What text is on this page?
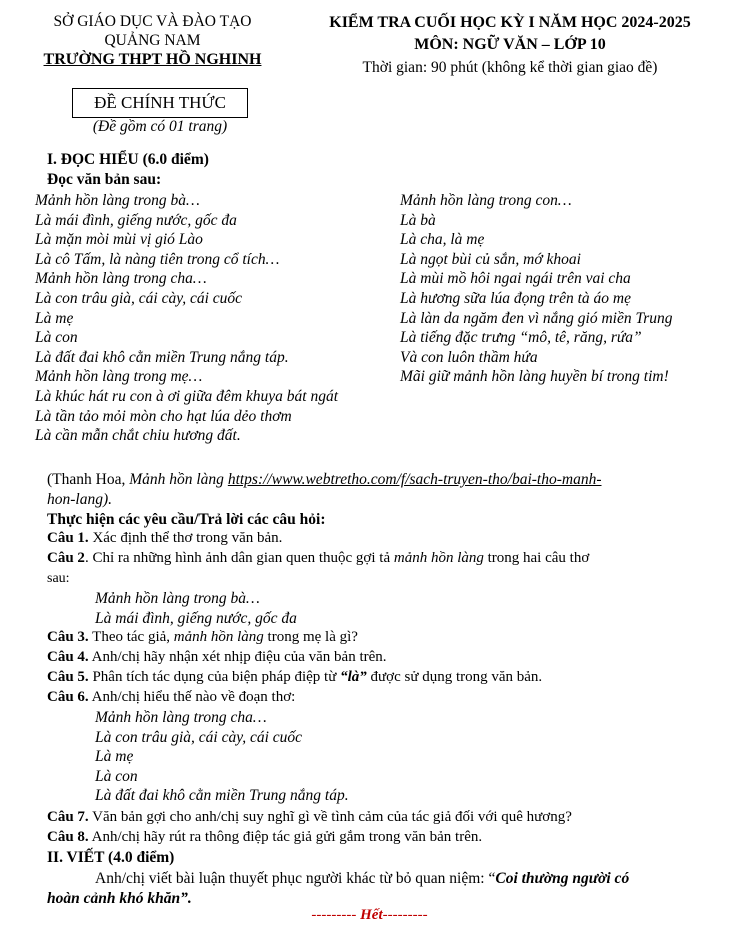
SỞ GIÁO DỤC VÀ ĐÀO TẠO
QUẢNG NAM
TRƯỜNG THPT HỒ NGHINH
KIỂM TRA CUỐI HỌC KỲ I NĂM HỌC 2024-2025
MÔN: NGỮ VĂN – LỚP 10
Thời gian: 90 phút (không kể thời gian giao đề)
ĐỀ CHÍNH THỨC
(Đề gồm có 01 trang)
I. ĐỌC HIỂU (6.0 điểm)
Đọc văn bản sau:
Mảnh hồn làng trong bà…
Là mái đình, giếng nước, gốc đa
Là mặn mòi mùi vị gió Lào
Là cô Tấm, là nàng tiên trong cổ tích…
Mảnh hồn làng trong cha…
Là con trâu già, cái cày, cái cuốc
Là mẹ
Là con
Là đất đai khô cằn miền Trung nắng táp.
Mảnh hồn làng trong mẹ…
Là khúc hát ru con à ơi giữa đêm khuya bát ngát
Là tần tảo mỏi mòn cho hạt lúa dẻo thơm
Là cần mẫn chắt chiu hương đất.
Mảnh hồn làng trong con…
Là bà
Là cha, là mẹ
Là ngọt bùi củ sắn, mớ khoai
Là mùi mồ hôi ngai ngái trên vai cha
Là hương sữa lúa đọng trên tà áo mẹ
Là làn da ngăm đen vì nắng gió miền Trung
Là tiếng đặc trưng “mô, tê, răng, rứa”
Và con luôn thầm hứa
Mãi giữ mảnh hồn làng huyền bí trong tim!
(Thanh Hoa, Mảnh hồn làng https://www.webtretho.com/f/sach-truyen-tho/bai-tho-manh-
hon-lang).
Thực hiện các yêu cầu/Trả lời các câu hỏi:
Câu 1. Xác định thể thơ trong văn bản.
Câu 2. Chỉ ra những hình ảnh dân gian quen thuộc gợi tả mảnh hồn làng trong hai câu thơ
sau:
Mảnh hồn làng trong bà…
Là mái đình, giếng nước, gốc đa
Câu 3. Theo tác giả, mảnh hồn làng trong mẹ là gì?
Câu 4. Anh/chị hãy nhận xét nhịp điệu của văn bản trên.
Câu 5. Phân tích tác dụng của biện pháp điệp từ “là” được sử dụng trong văn bản.
Câu 6. Anh/chị hiểu thế nào về đoạn thơ:
Mảnh hồn làng trong cha…
Là con trâu già, cái cày, cái cuốc
Là mẹ
Là con
Là đất đai khô cằn miền Trung nắng táp.
Câu 7. Văn bản gợi cho anh/chị suy nghĩ gì về tình cảm của tác giả đối với quê hương?
Câu 8. Anh/chị hãy rút ra thông điệp tác giả gửi gắm trong văn bản trên.
II. VIẾT (4.0 điểm)
Anh/chị viết bài luận thuyết phục người khác từ bỏ quan niệm: “Coi thường người có
hoàn cảnh khó khăn”.
--------- Hết---------
